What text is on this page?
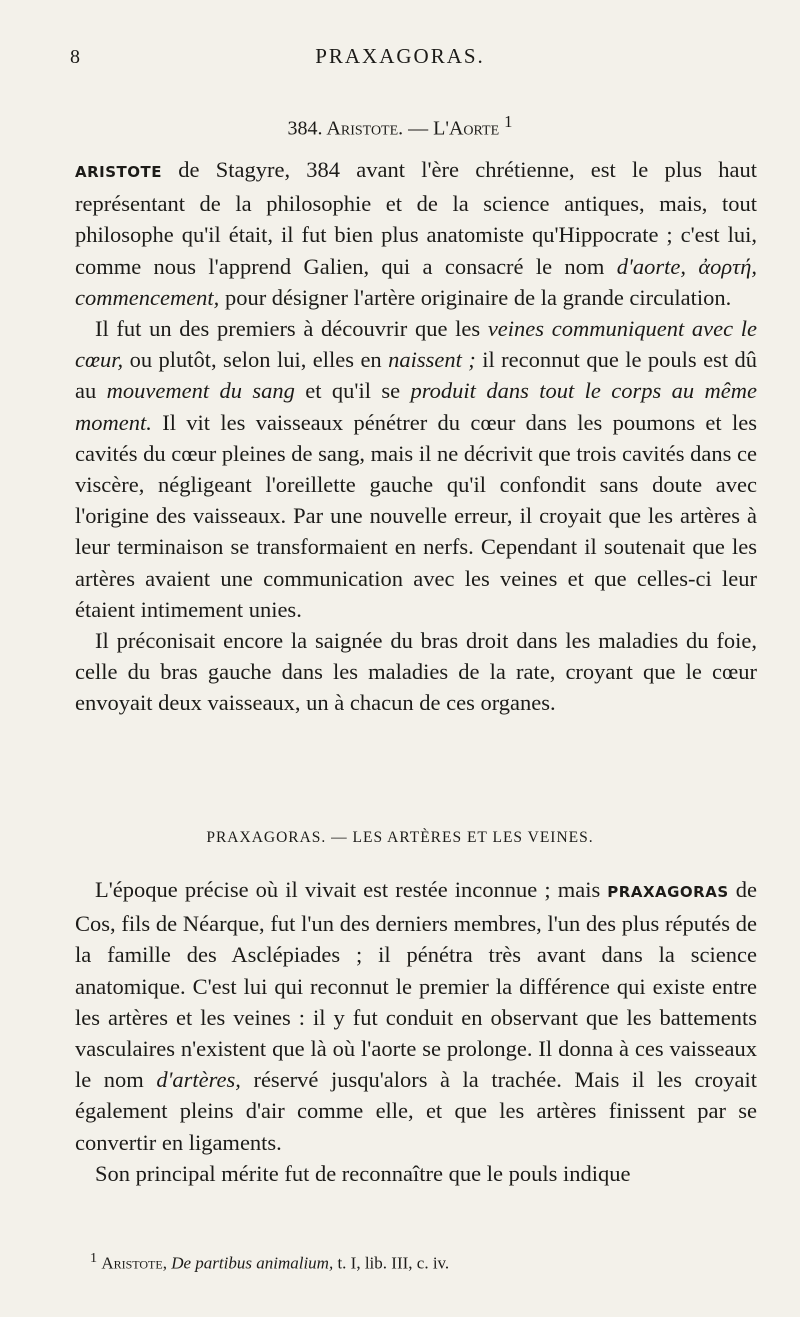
8	PRAXAGORAS.
384. Aristote. — L'Aorte $^1$

ARISTOTE de Stagyre, 384 avant l'ère chrétienne, est le plus haut représentant de la philosophie et de la science antiques, mais, tout philosophe qu'il était, il fut bien plus anatomiste qu'Hippocrate ; c'est lui, comme nous l'apprend Galien, qui a consacré le nom d'aorte, ἀορτή, commencement, pour désigner l'artère originaire de la grande circulation.

Il fut un des premiers à découvrir que les veines communiquent avec le cœur, ou plutôt, selon lui, elles en naissent ; il reconnut que le pouls est dû au mouvement du sang et qu'il se produit dans tout le corps au même moment. Il vit les vaisseaux pénétrer du cœur dans les poumons et les cavités du cœur pleines de sang, mais il ne décrivit que trois cavités dans ce viscère, négligeant l'oreillette gauche qu'il confondit sans doute avec l'origine des vaisseaux. Par une nouvelle erreur, il croyait que les artères à leur terminaison se transformaient en nerfs. Cependant il soutenait que les artères avaient une communication avec les veines et que celles-ci leur étaient intimement unies.

Il préconisait encore la saignée du bras droit dans les maladies du foie, celle du bras gauche dans les maladies de la rate, croyant que le cœur envoyait deux vaisseaux, un à chacun de ces organes.

PRAXAGORAS. — LES ARTÈRES ET LES VEINES.

L'époque précise où il vivait est restée inconnue ; mais PRAXAGORAS de Cos, fils de Néarque, fut l'un des derniers membres, l'un des plus réputés de la famille des Asclépiades ; il pénétra très avant dans la science anatomique. C'est lui qui reconnut le premier la différence qui existe entre les artères et les veines : il y fut conduit en observant que les battements vasculaires n'existent que là où l'aorte se prolonge. Il donna à ces vaisseaux le nom d'artères, réservé jusqu'alors à la trachée. Mais il les croyait également pleins d'air comme elle, et que les artères finissent par se convertir en ligaments.

Son principal mérite fut de reconnaître que le pouls indique

$^1$ Aristote, De partibus animalium, t. I, lib. III, c. iv.
